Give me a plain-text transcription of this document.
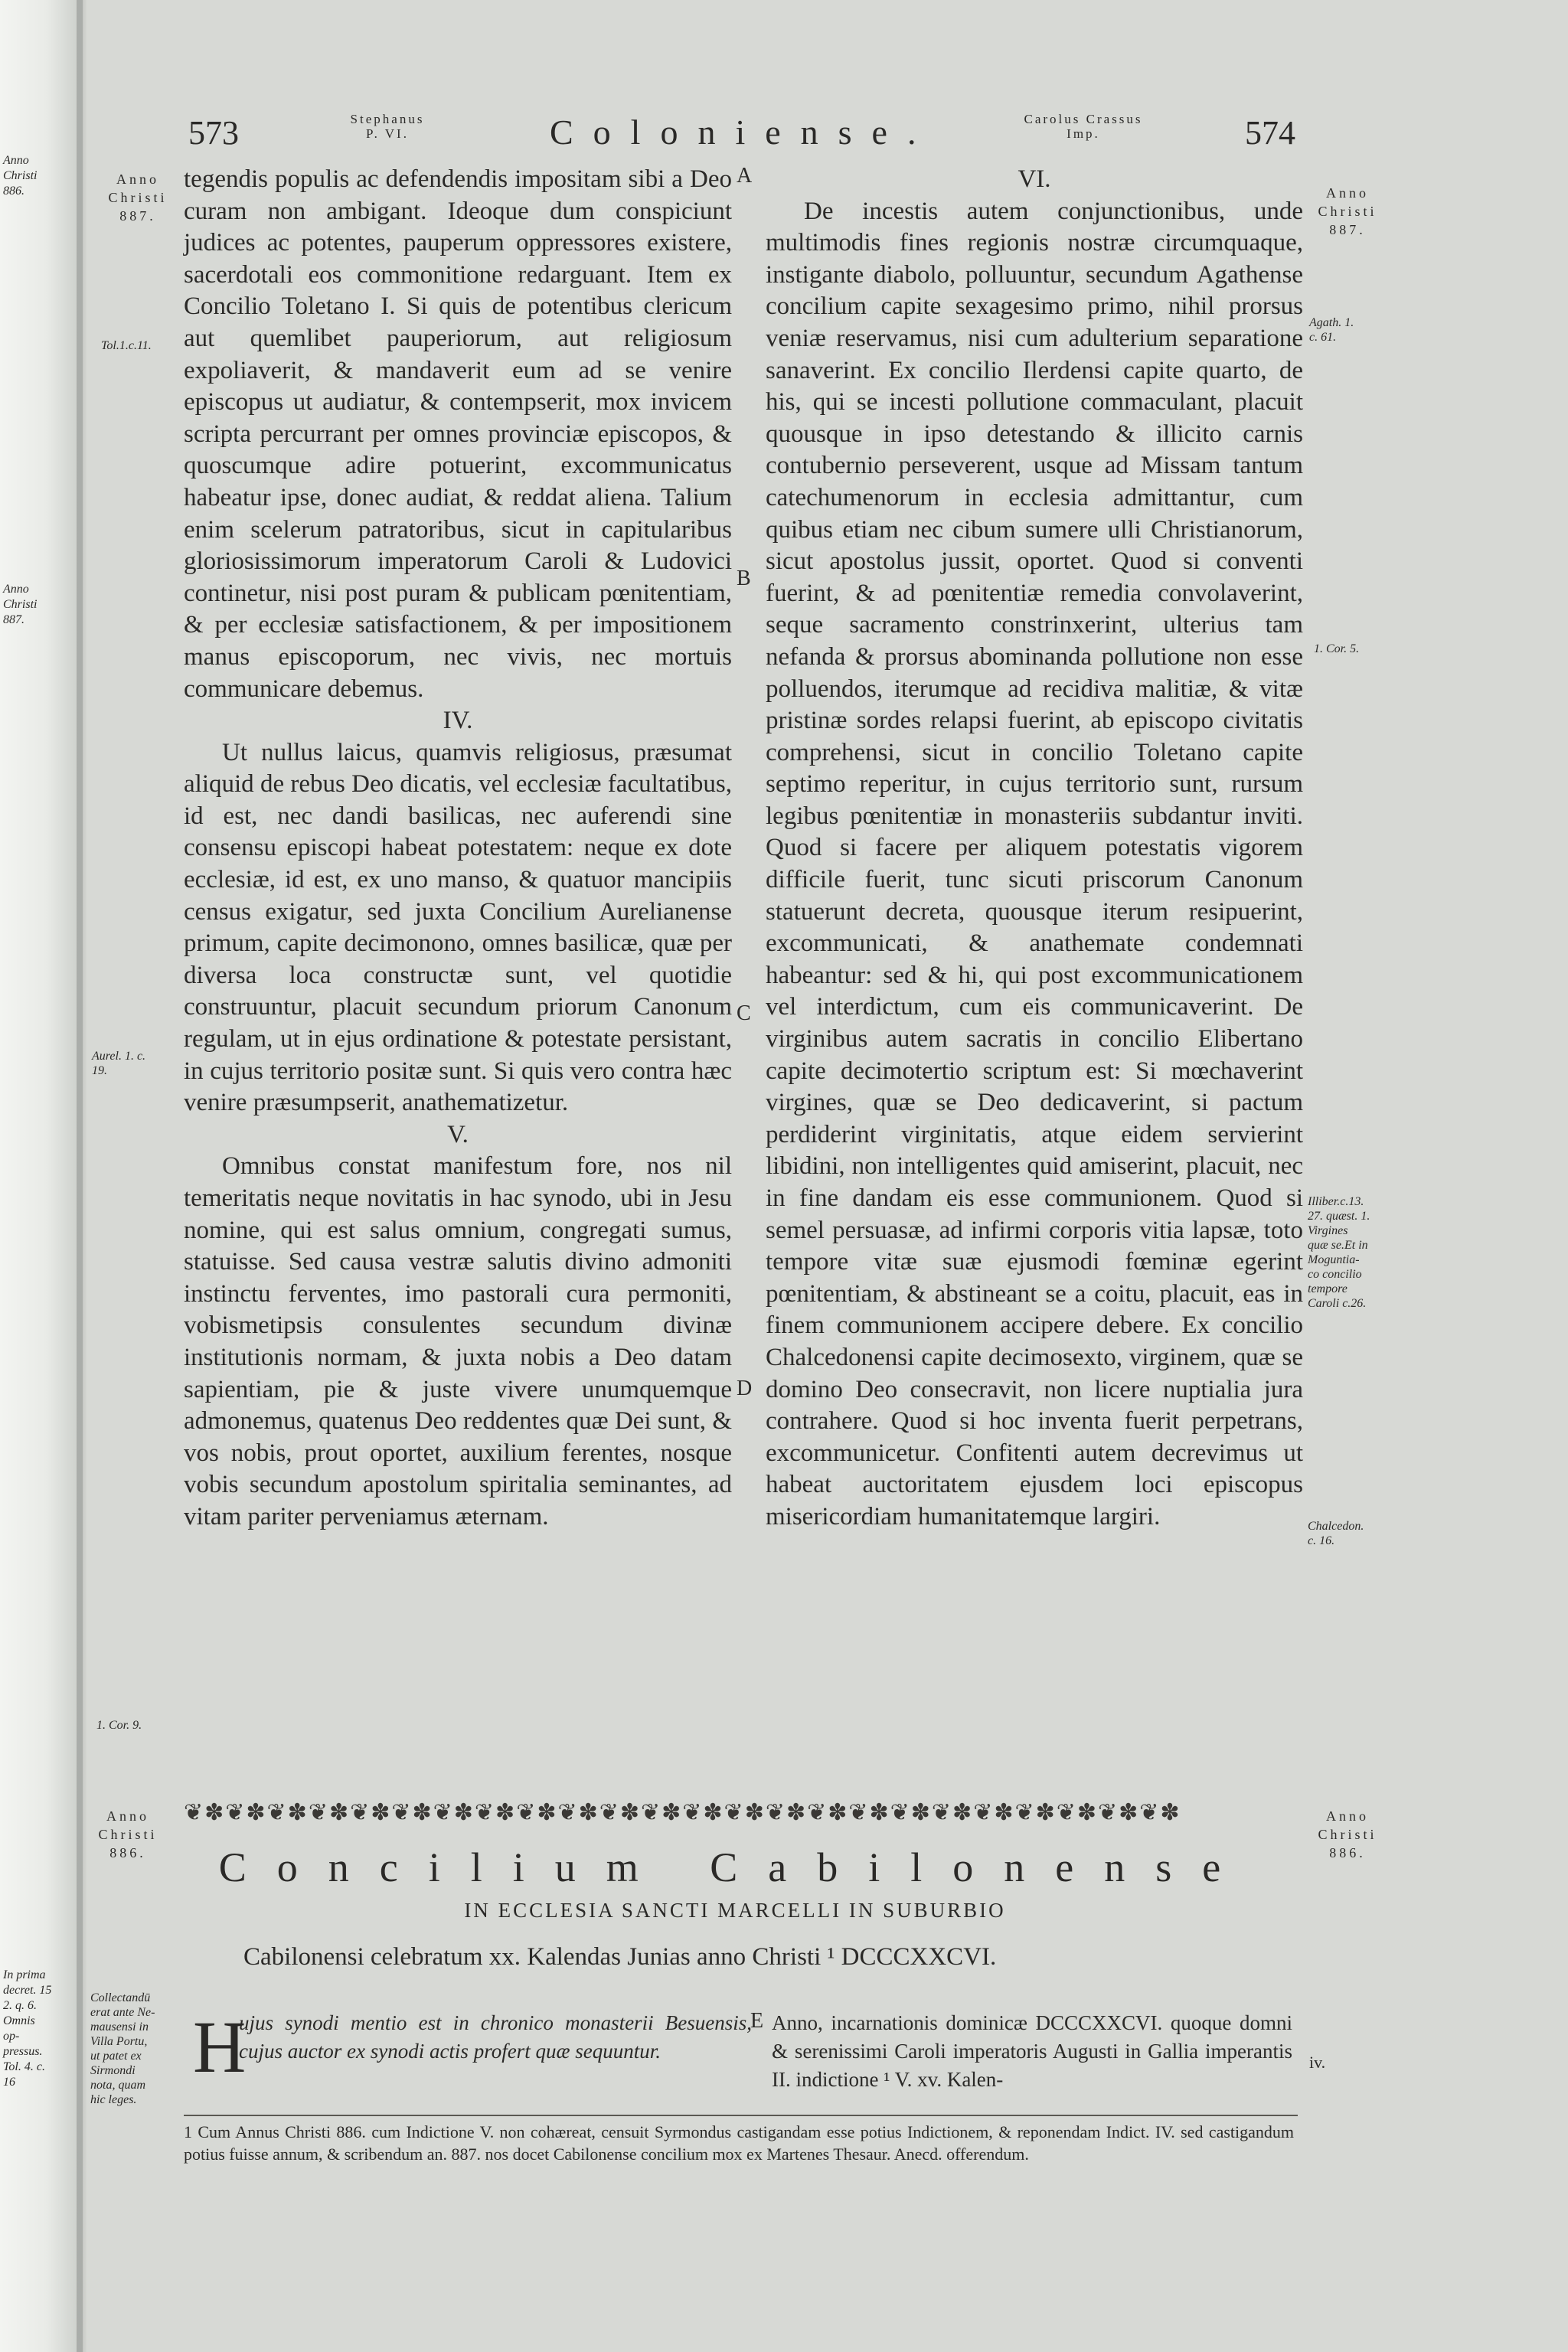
Anno
Christi
886.
Anno
Christi
887.
In prima
decret. 15
2. q. 6.
Omnis op-
pressus.
Tol. 4. c. 16
573	Stephanus
P. VI.	Coloniense.	Carolus Crassus
Imp.	574
Anno
Christi
887.
Anno
Christi
887.
Tol.1.c.11.
Aurel. 1. c.
19.
1. Cor. 9.
Agath. 1.
c. 61.
1. Cor. 5.
Illiber.c.13.
27. quæst. 1.
Virgines
quæ se.Et in
Moguntia-
co concilio
tempore
Caroli c.26.
Chalcedon.
c. 16.
A
B
C
D

tegendis populis ac defendendis impositam sibi a Deo curam non ambigant. Ideoque dum conspiciunt judices ac potentes, pauperum oppressores existere, sacerdotali eos commonitione redarguant. Item ex Concilio Toletano I. Si quis de potentibus clericum aut quemlibet pauperiorum, aut religiosum expoliaverit, & mandaverit eum ad se venire episcopus ut audiatur, & contempserit, mox invicem scripta percurrant per omnes provinciæ episcopos, & quoscumque adire potuerint, excommunicatus habeatur ipse, donec audiat, & reddat aliena. Talium enim scelerum patratoribus, sicut in capitularibus gloriosissimorum imperatorum Caroli & Ludovici continetur, nisi post puram & publicam pœnitentiam, & per ecclesiæ satisfactionem, & per impositionem manus episcoporum, nec vivis, nec mortuis communicare debemus.

IV.

Ut nullus laicus, quamvis religiosus, præsumat aliquid de rebus Deo dicatis, vel ecclesiæ facultatibus, id est, nec dandi basilicas, nec auferendi sine consensu episcopi habeat potestatem: neque ex dote ecclesiæ, id est, ex uno manso, & quatuor mancipiis census exigatur, sed juxta Concilium Aurelianense primum, capite decimonono, omnes basilicæ, quæ per diversa loca constructæ sunt, vel quotidie construuntur, placuit secundum priorum Canonum regulam, ut in ejus ordinatione & potestate persistant, in cujus territorio positæ sunt. Si quis vero contra hæc venire præsumpserit, anathematizetur.

V.

Omnibus constat manifestum fore, nos nil temeritatis neque novitatis in hac synodo, ubi in Jesu nomine, qui est salus omnium, congregati sumus, statuisse. Sed causa vestræ salutis divino admoniti instinctu ferventes, imo pastorali cura permoniti, vobismetipsis consulentes secundum divinæ institutionis normam, & juxta nobis a Deo datam sapientiam, pie & juste vivere unumquemque admonemus, quatenus Deo reddentes quæ Dei sunt, & vos nobis, prout oportet, auxilium ferentes, nosque vobis secundum apostolum spiritalia seminantes, ad vitam pariter perveniamus æternam.

VI.

De incestis autem conjunctionibus, unde multimodis fines regionis nostræ circumquaque, instigante diabolo, polluuntur, secundum Agathense concilium capite sexagesimo primo, nihil prorsus veniæ reservamus, nisi cum adulterium separatione sanaverint. Ex concilio Ilerdensi capite quarto, de his, qui se incesti pollutione commaculant, placuit quousque in ipso detestando & illicito carnis contubernio perseverent, usque ad Missam tantum catechumenorum in ecclesia admittantur, cum quibus etiam nec cibum sumere ulli Christianorum, sicut apostolus jussit, oportet. Quod si conventi fuerint, & ad pœnitentiæ remedia convolaverint, seque sacramento constrinxerint, ulterius tam nefanda & prorsus abominanda pollutione non esse polluendos, iterumque ad recidiva malitiæ, & vitæ pristinæ sordes relapsi fuerint, ab episcopo civitatis comprehensi, sicut in concilio Toletano capite septimo reperitur, in cujus territorio sunt, rursum legibus pœnitentiæ in monasteriis subdantur inviti. Quod si facere per aliquem potestatis vigorem difficile fuerit, tunc sicuti priscorum Canonum statuerunt decreta, quousque iterum resipuerint, excommunicati, & anathemate condemnati habeantur: sed & hi, qui post excommunicationem vel interdictum, cum eis communicaverint. De virginibus autem sacratis in concilio Elibertano capite decimotertio scriptum est: Si mœchaverint virgines, quæ se Deo dedicaverint, si pactum perdiderint virginitatis, atque eidem servierint libidini, non intelligentes quid amiserint, placuit, nec in fine dandam eis esse communionem. Quod si semel persuasæ, ad infirmi corporis vitia lapsæ, toto tempore vitæ suæ ejusmodi fœminæ egerint pœnitentiam, & abstineant se a coitu, placuit, eas in finem communionem accipere debere. Ex concilio Chalcedonensi capite decimosexto, virginem, quæ se domino Deo consecravit, non licere nuptialia jura contrahere. Quod si hoc inventa fuerit perpetrans, excommunicetur. Confitenti autem decrevimus ut habeat auctoritatem ejusdem loci episcopus misericordiam humanitatemque largiri.

❦✽❦✽❦✽❦✽❦✽❦✽❦✽❦✽❦✽❦✽❦✽❦✽❦✽❦✽❦✽❦✽❦✽❦✽❦✽❦✽❦✽❦✽❦✽❦✽
Anno
Christi
886.
Anno
Christi
886.
Concilium Cabilonense
IN ECCLESIA SANCTI MARCELLI IN SUBURBIO
Cabilonensi celebratum xx. Kalendas Junias anno Christi ¹ DCCCXXCVI.
Collectandū
erat ante Ne-
mausensi in
Villa Portu,
ut patet ex
Sirmondi
nota, quam
hic leges.
H
ujus synodi mentio est in chronico monasterii Besuensis, cujus auctor ex synodi actis profert quæ sequuntur.
E Anno, incarnationis dominicæ DCCCXXCVI. quoque domni & serenissimi Caroli imperatoris Augusti in Gallia imperantis II. indictione ¹ V. xv. Kalen-
iv.
1 Cum Annus Christi 886. cum Indictione V. non cohæreat, censuit Syrmondus castigandam esse potius Indictionem, & reponendam Indict. IV. sed castigandum potius fuisse annum, & scribendum an. 887. nos docet Cabilonense concilium mox ex Martenes Thesaur. Anecd. offerendum.
